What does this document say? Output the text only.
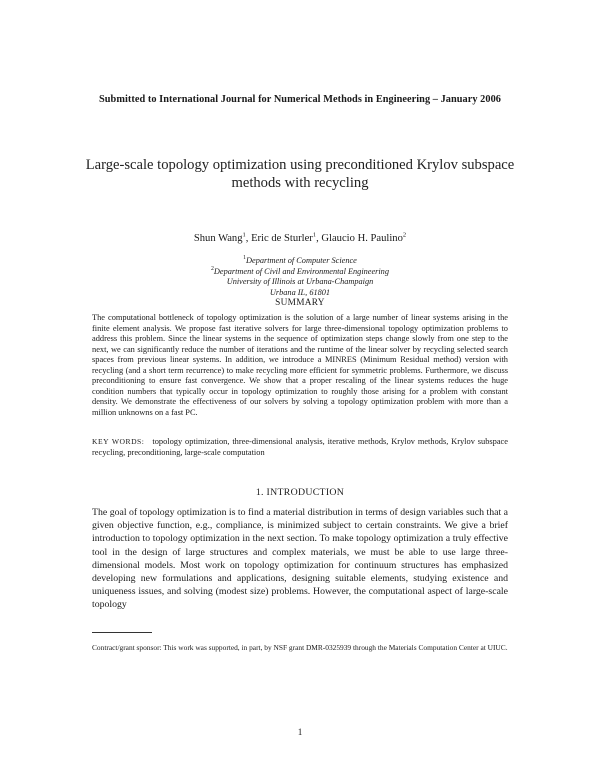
Submitted to International Journal for Numerical Methods in Engineering – January 2006
Large-scale topology optimization using preconditioned Krylov subspace methods with recycling
Shun Wang$^1$, Eric de Sturler$^1$, Glaucio H. Paulino$^2$
$^1$Department of Computer Science
$^2$Department of Civil and Environmental Engineering
University of Illinois at Urbana-Champaign
Urbana IL, 61801
SUMMARY

The computational bottleneck of topology optimization is the solution of a large number of linear systems arising in the finite element analysis. We propose fast iterative solvers for large three-dimensional topology optimization problems to address this problem. Since the linear systems in the sequence of optimization steps change slowly from one step to the next, we can significantly reduce the number of iterations and the runtime of the linear solver by recycling selected search spaces from previous linear systems. In addition, we introduce a MINRES (Minimum Residual method) version with recycling (and a short term recurrence) to make recycling more efficient for symmetric problems. Furthermore, we discuss preconditioning to ensure fast convergence. We show that a proper rescaling of the linear systems reduces the huge condition numbers that typically occur in topology optimization to roughly those arising for a problem with constant density. We demonstrate the effectiveness of our solvers by solving a topology optimization problem with more than a million unknowns on a fast PC.

KEY WORDS: topology optimization, three-dimensional analysis, iterative methods, Krylov methods, Krylov subspace recycling, preconditioning, large-scale computation

1. INTRODUCTION

The goal of topology optimization is to find a material distribution in terms of design variables such that a given objective function, e.g., compliance, is minimized subject to certain constraints. We give a brief introduction to topology optimization in the next section. To make topology optimization a truly effective tool in the design of large structures and complex materials, we must be able to use large three-dimensional models. Most work on topology optimization for continuum structures has emphasized developing new formulations and applications, designing suitable elements, studying existence and uniqueness issues, and solving (modest size) problems. However, the computational aspect of large-scale topology

Contract/grant sponsor: This work was supported, in part, by NSF grant DMR-0325939 through the Materials Computation Center at UIUC.

1
